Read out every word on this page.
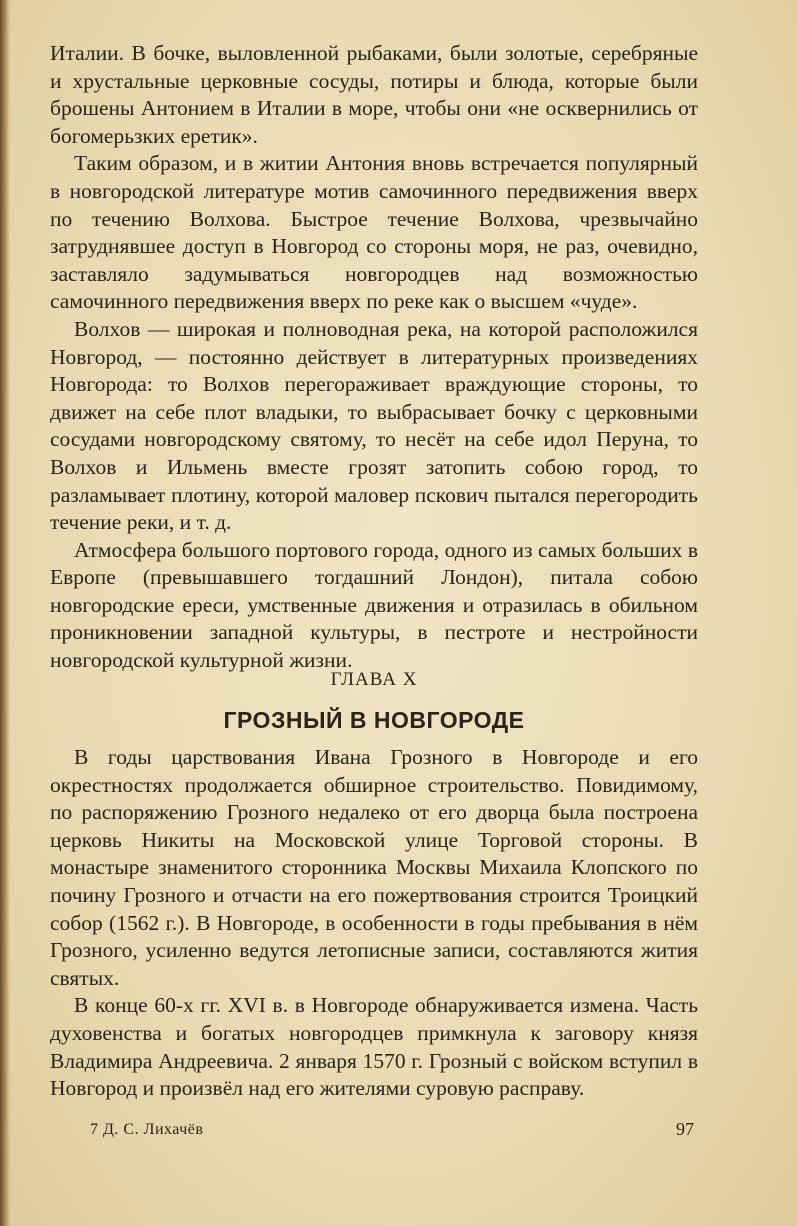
Италии. В бочке, выловленной рыбаками, были золотые, серебряные и хрустальные церковные сосуды, потиры и блюда, которые были брошены Антонием в Италии в море, чтобы они «не осквернились от богомерьзких еретик».

Таким образом, и в житии Антония вновь встречается популярный в новгородской литературе мотив самочинного передвижения вверх по течению Волхова. Быстрое течение Волхова, чрезвычайно затруднявшее доступ в Новгород со стороны моря, не раз, очевидно, заставляло задумываться новгородцев над возможностью самочинного передвижения вверх по реке как о высшем «чуде».

Волхов — широкая и полноводная река, на которой расположился Новгород, — постоянно действует в литературных произведениях Новгорода: то Волхов перегораживает враждующие стороны, то движет на себе плот владыки, то выбрасывает бочку с церковными сосудами новгородскому святому, то несёт на себе идол Перуна, то Волхов и Ильмень вместе грозят затопить собою город, то разламывает плотину, которой маловер пскович пытался перегородить течение реки, и т. д.

Атмосфера большого портового города, одного из самых больших в Европе (превышавшего тогдашний Лондон), питала собою новгородские ереси, умственные движения и отразилась в обильном проникновении западной культуры, в пестроте и нестройности новгородской культурной жизни.

ГЛАВА X
ГРОЗНЫЙ В НОВГОРОДЕ

В годы царствования Ивана Грозного в Новгороде и его окрестностях продолжается обширное строительство. Повидимому, по распоряжению Грозного недалеко от его дворца была построена церковь Никиты на Московской улице Торговой стороны. В монастыре знаменитого сторонника Москвы Михаила Клопского по почину Грозного и отчасти на его пожертвования строится Троицкий собор (1562 г.). В Новгороде, в особенности в годы пребывания в нём Грозного, усиленно ведутся летописные записи, составляются жития святых.

В конце 60-х гг. XVI в. в Новгороде обнаруживается измена. Часть духовенства и богатых новгородцев примкнула к заговору князя Владимира Андреевича. 2 января 1570 г. Грозный с войском вступил в Новгород и произвёл над его жителями суровую расправу.

7 Д. С. Лихачёв	97
